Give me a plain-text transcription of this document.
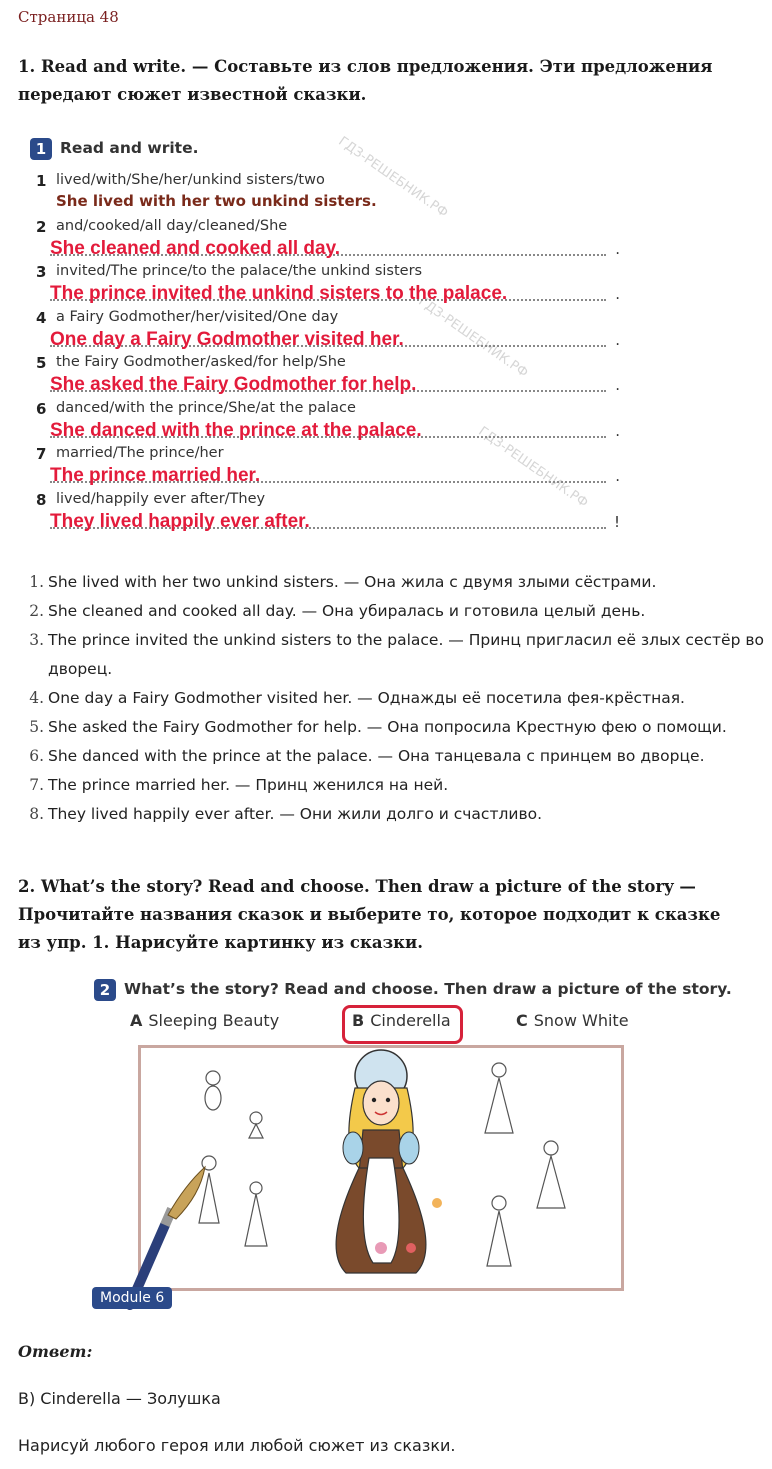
Страница 48
1. Read and write. — Составьте из слов предложения. Эти предложения передают сюжет известной сказки.
1 Read and write.	ГДЗ-РЕШЕБНИК.РФ
ГДЗ-РЕШЕБНИК.РФ
ГДЗ-РЕШЕБНИК.РФ
1 lived/with/She/her/unkind sisters/two
She lived with her two unkind sisters.
2 and/cooked/all day/cleaned/She
She cleaned and cooked all day.	.
3 invited/The prince/to the palace/the unkind sisters
The prince invited the unkind sisters to the palace.	.
4 a Fairy Godmother/her/visited/One day
One day a Fairy Godmother visited her.	.
5 the Fairy Godmother/asked/for help/She
She asked the Fairy Godmother for help.	.
6 danced/with the prince/She/at the palace
She danced with the prince at the palace.	.
7 married/The prince/her
The prince married her.	.
8 lived/happily ever after/They
They lived happily ever after.	!
1. She lived with her two unkind sisters. — Она жила с двумя злыми сёстрами.
2. She cleaned and cooked all day. — Она убиралась и готовила целый день.
3. The prince invited the unkind sisters to the palace. — Принц пригласил её злых сестёр во дворец.
4. One day a Fairy Godmother visited her. — Однажды её посетила фея-крёстная.
5. She asked the Fairy Godmother for help. — Она попросила Крестную фею о помощи.
6. She danced with the prince at the palace. — Она танцевала с принцем во дворце.
7. The prince married her. — Принц женился на ней.
8. They lived happily ever after. — Они жили долго и счастливо.
2. What’s the story? Read and choose. Then draw a picture of the story — Прочитайте названия сказок и выберите то, которое подходит к сказке из упр. 1. Нарисуйте картинку из сказки.
2 What’s the story? Read and choose. Then draw a picture of the story.
A Sleeping Beauty	B Cinderella	C Snow White
Module 6
Ответ:
B) Cinderella — Золушка
Нарисуй любого героя или любой сюжет из сказки.
